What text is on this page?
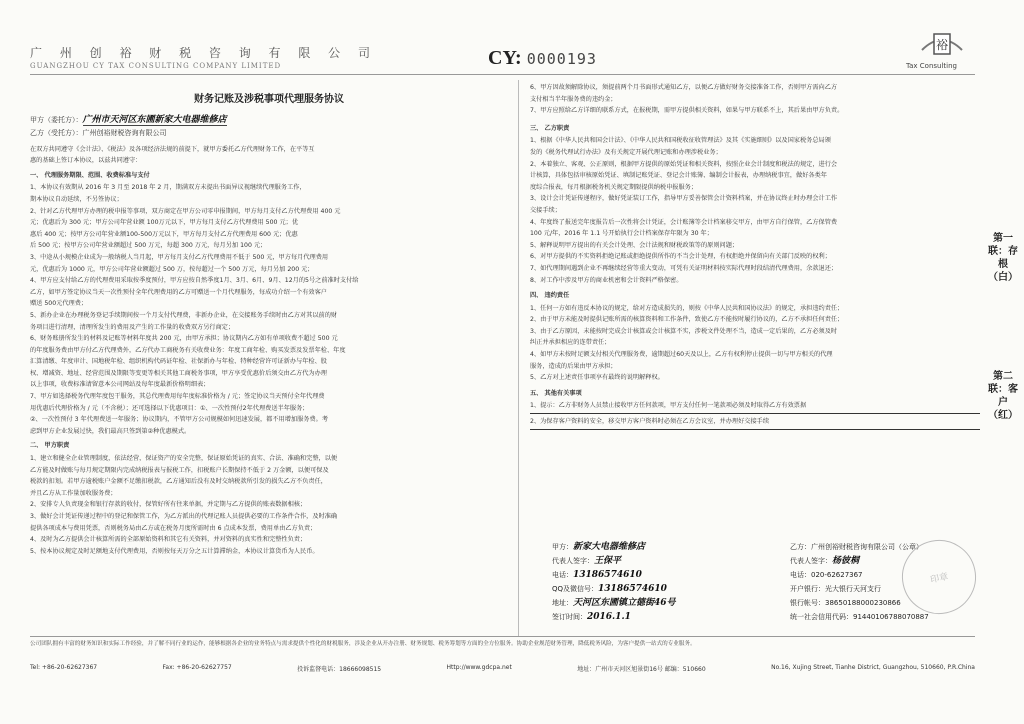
广 州 创 裕 财 税 咨 询 有 限 公 司
GUANGZHOU CY TAX CONSULTING COMPANY LIMITED	CY: 0000193
裕
Tax Consulting
财务记账及涉税事项代理服务协议
甲方（委托方）：广州市天河区东圃新家大电器维修店
乙方（受托方）：广州创裕财税咨询有限公司
在双方共同遵守《会计法》、《税法》及各项经济法规的前提下，就甲方委托乙方代理财务工作，在平等互
惠的基础上签订本协议，以兹共同遵守：
一、 代理服务期限、范围、收费标准与支付
1、本协议有效期从 2016 年 3 月至 2018 年 2 月，期满双方未提出书面异议视继续代理服务工作，
期本协议自动延续，不另签协议；
2、针对乙方代理甲方办理的税申报等事项，双方商定在甲方公司零申报期间，甲方每月支付乙方代理费用 400 元
元；优惠后为 300 元；甲方公司年营业额 100万元以下，甲方每月支付乙方代理费用 500 元；优
惠后 400 元；按甲方公司年营业额100-500万元以下，甲方每月支付乙方代理费用 600 元；优惠
后 500 元；按甲方公司年营业额超过 500 万元，每超 300 万元，每月另加 100 元；
3、中途从小规模企业成为一般纳税人当月起，甲方每月支付乙方代理费用不低于 500 元，甲方每月代理费用
元，优惠后为 1000 元，甲方公司年营业额超过 500 万，按每超过一个 500 万元，每月另加 200 元；
4、甲方应支付给乙方的代理费用采取按季度预付，甲方应按自然季度1月、3月、6月、9月、12月的5号之前准时支付给
乙方，如甲方签定协议当天一次性预付全年代理费用的乙方可赠送一个月代理服务，每成功介绍一个有效客户
赠送 500元代理费；
5、新办企业在办理税务登记手续期间按一个月支付代理费，非新办企业，在交接账务手续时由乙方对其以前的财
务项目进行清理，清理所发生的费用及产生的工作量的收费双方另行商定；
6、财务账册所发生的材料及记账等材料年度共 200 元，由甲方承担；协议期内乙方如有单项收费不超过 500 元
的年度服务费由甲方付乙方代理费外，乙方代办工商税务有关收费业务：年度工商年检、购买发票及发票年检、年度
汇算清缴、年度审计、国地税年检、组织机构代码证年检、社保新办与年检、特种经营许可证新办与年检、股
权、增减资、地址、经营范围及期限等变更等相关其他工商税务事项，甲方享受优惠价后须交由乙方代为办理
以上事项，收费标准请留意本公司网站及每年度最新价格明细表；
7、甲方如选择税务代理年度包干服务，其总代理费用每年度标准价格为 / 元；签定协议当天预付全年代理费
用优惠后代理价格为 / 元（不含税）；还可选择以下优惠项目：①、一次性预付2年代理费送半年服务；
②、一次性预付 3 年代理费送一年服务；协议期内，不管甲方公司规模如何迅速发展，都不用增加服务费。考
虑到甲方企业发展过快，我们最高只签到第②种优惠模式。
二、 甲方职责
1、建立和健全企业管理制度，依法经营，保证资产的安全完整，保证原始凭证的真实、合法、准确和完整，以便
乙方能及时做账与每月规定期限内完成纳税报表与报税工作，扣税账户长期保持不低于 2 万金额，以便可保及
税款的扣划。若甲方逾税账户金额不足缴扣税款，乙方通知后没有及时交纳税款所引发的损失乙方不负责任，
并且乙方从工作量加收服务费；
2、安排专人负责现金和银行存款的收付，保管好所有往来单据，并定期与乙方提供的账表数据相核；
3、做好会计凭证传递过程中的登记和保管工作，为乙方派出的代理记账人员提供必要的工作条件合作，及时准确
提供各项成本与费用凭票，否则税务局由乙方或在税务月度所需时由 6 点成本发票，费用单由乙方负责；
4、及时为乙方提供会计核算所需的全部原始资料和其它有关资料，并对资料的真实性和完整性负责；
5、按本协议规定及时足额地支付代理费用，否则按每天万分之五计算滞纳金，本协议计算货币为人民币。
6、甲方因故须解除协议，须提前两个月书面形式通知乙方，以便乙方做好财务交接准备工作，否则甲方需向乙方
支付相当半年服务费的违约金；
7、甲方应照给乙方详细的联系方式，在报税期，需甲方提供相关资料，如果与甲方联系不上，其后果由甲方负责。
三、 乙方职责
1、根据《中华人民共和国会计法》、《中华人民共和国税收征收管理法》及其《实施细则》以及国家税务总局颁
发的《税务代理试行办法》及有关规定开展代理记账和办理涉税业务；
2、本着独立、客观、公正原则，根据甲方提供的原始凭证和相关资料，按照企业会计制度和税法的规定，进行会
计核算，具体包括审核原始凭证、填制记账凭证、登记会计账簿、编制会计报表，办理纳税事宜，做好各类年
度综合报表，每月根据税务机关规定期限提供纳税申报服务；
3、设计会计凭证传递程序，做好凭证装订工作，指导甲方妥善保管会计资料档案，并在协议终止时办理会计工作
交接手续；
4、年度终了报送完年度报告后一次性将会计凭证，会计账簿等会计档案移交甲方，由甲方自行保管，乙方保管费
100 元/年，2016 年 1.1 号开始执行会计档案保存年限为 30 年；
5、解释说明甲方提出的有关会计处理、会计法规和财税政策等的原则问题；
6、对甲方提供的不实资料拒绝记账或拒绝提供所作的不当会计处理，有权拒绝并保留向有关部门反映的权利；
7、如代理期间遇到企业不再继续经营等重大变动，可凭有关证明材料按实际代理时段结清代理费用，余款退还；
8、对工作中涉及甲方的商业机密和会计资料严格保密。
四、 违约责任
1、任何一方如有违反本协议的规定，给对方造成损失的，则按《中华人民共和国协议法》的规定，承担违约责任；
2、由于甲方未能及时提供记账所需的核算资料和工作条件，致使乙方不能按时履行协议的，乙方不承担任何责任；
3、由于乙方原因，未能按时完成会计核算或会计核算不实，涉税文件处理不当，造成一定后果的，乙方必须及时
纠正并承担相应的连带责任；
4、如甲方未按时足额支付相关代理服务费，逾期超过60天及以上，乙方有权利停止提供一切与甲方相关的代理
服务，造成的后果由甲方承担；
5、乙方对上述责任事项享有最终的说明解释权。
五、 其他有关事项
1、提示：乙方非财务人员禁止接收甲方任何款项，甲方支付任何一笔款项必须及时取得乙方有效票据
2、为保存客户资料的安全，移交甲方客户资料时必须在乙方会议室，并办理好交接手续
甲方：新家大电器维修店
代表人签字：王保平
电话：13186574610
QQ及微信号：13186574610
地址：天河区东圃镇立德街46号
签订时间：2016.1.1
乙方：广州创裕财税咨询有限公司（公章）
代表人签字：杨彼桐
电话：020-62627367
开户银行：光大银行天河支行
银行帐号：38650188000230866
统一社会信用代码：91440106788070887
印章
第一联：存根（白）
第二联：客户（红）
公司团队拥有丰富的财务知识和实际工作经验，并了解不同行业的运作，能够根据各企业的业务特点与需求提供个性化的财税服务，涉及企业从开办注册、财务规划、税务筹划等方面的全方位服务。协助企业规范财务管理，降低税务风险，为客户提供一站式的专业服务。
Tel: +86-20-62627367	Fax: +86-20-62627757	投诉监督电话：18666098515	Http://www.gdcpa.net	地址：广州市天河区旭景街16号 邮编：510660	No.16, Xujing Street, Tianhe District, Guangzhou, 510660, P.R.China
